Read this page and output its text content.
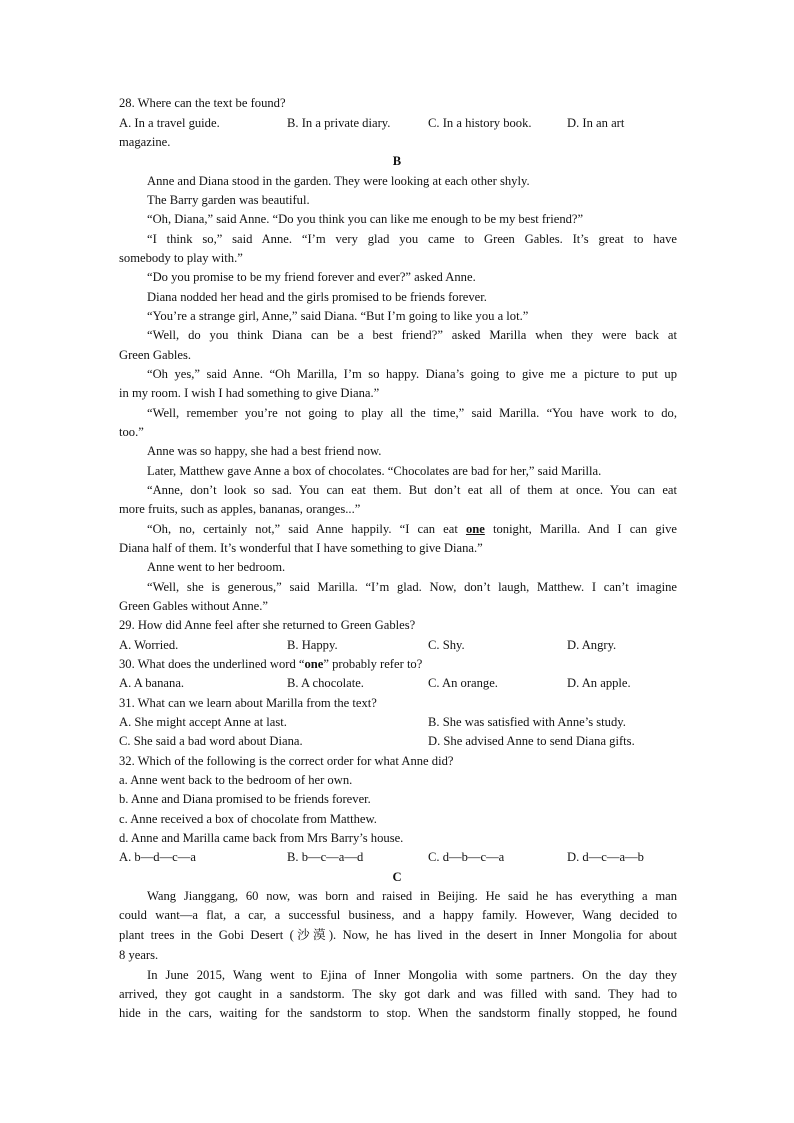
28. Where can the text be found?
A. In a travel guide.	B. In a private diary.	C. In a history book.	D. In an art
magazine.
B
Anne and Diana stood in the garden. They were looking at each other shyly.
The Barry garden was beautiful.
“Oh, Diana,” said Anne. “Do you think you can like me enough to be my best friend?”
“I think so,” said Anne. “I’m very glad you came to Green Gables. It’s great to have
somebody to play with.”
“Do you promise to be my friend forever and ever?” asked Anne.
Diana nodded her head and the girls promised to be friends forever.
“You’re a strange girl, Anne,” said Diana. “But I’m going to like you a lot.”
“Well, do you think Diana can be a best friend?” asked Marilla when they were back at
Green Gables.
“Oh yes,” said Anne. “Oh Marilla, I’m so happy. Diana’s going to give me a picture to put up
in my room. I wish I had something to give Diana.”
“Well, remember you’re not going to play all the time,” said Marilla. “You have work to do,
too.”
Anne was so happy, she had a best friend now.
Later, Matthew gave Anne a box of chocolates. “Chocolates are bad for her,” said Marilla.
“Anne, don’t look so sad. You can eat them. But don’t eat all of them at once. You can eat
more fruits, such as apples, bananas, oranges...”
“Oh, no, certainly not,” said Anne happily. “I can eat one tonight, Marilla. And I can give
Diana half of them. It’s wonderful that I have something to give Diana.”
Anne went to her bedroom.
“Well, she is generous,” said Marilla. “I’m glad. Now, don’t laugh, Matthew. I can’t imagine
Green Gables without Anne.”
29. How did Anne feel after she returned to Green Gables?
A. Worried.	B. Happy.	C. Shy.	D. Angry.
30. What does the underlined word “one” probably refer to?
A. A banana.	B. A chocolate.	C. An orange.	D. An apple.
31. What can we learn about Marilla from the text?
A. She might accept Anne at last.	B. She was satisfied with Anne’s study.
C. She said a bad word about Diana.	D. She advised Anne to send Diana gifts.
32. Which of the following is the correct order for what Anne did?
a. Anne went back to the bedroom of her own.
b. Anne and Diana promised to be friends forever.
c. Anne received a box of chocolate from Matthew.
d. Anne and Marilla came back from Mrs Barry’s house.
A. b—d—c—a	B. b—c—a—d	C. d—b—c—a	D. d—c—a—b
C
Wang Jianggang, 60 now, was born and raised in Beijing. He said he has everything a man
could want—a flat, a car, a successful business, and a happy family. However, Wang decided to
plant trees in the Gobi Desert (沙漠). Now, he has lived in the desert in Inner Mongolia for about
8 years.
In June 2015, Wang went to Ejina of Inner Mongolia with some partners. On the day they
arrived, they got caught in a sandstorm. The sky got dark and was filled with sand. They had to
hide in the cars, waiting for the sandstorm to stop. When the sandstorm finally stopped, he found
